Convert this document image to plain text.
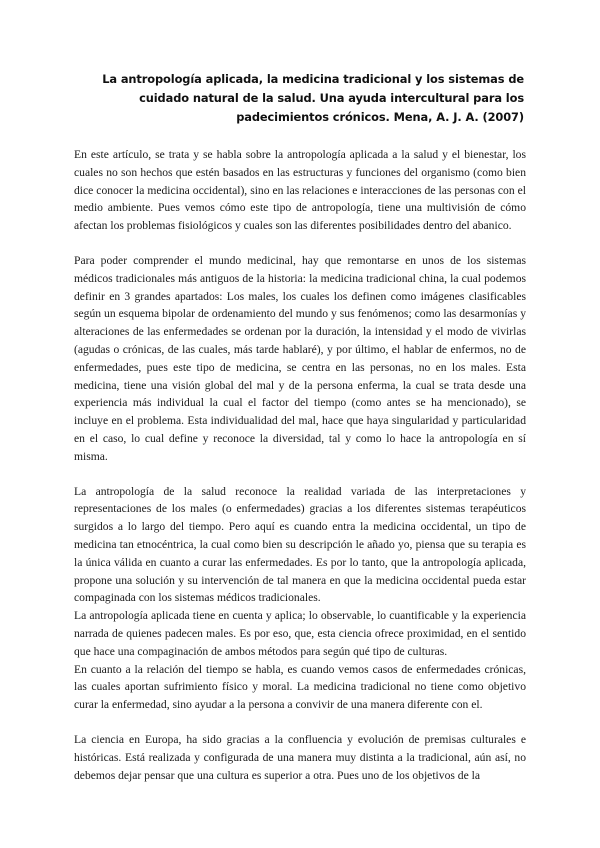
La antropología aplicada, la medicina tradicional y los sistemas de cuidado natural de la salud. Una ayuda intercultural para los padecimientos crónicos. Mena, A. J. A. (2007)

En este artículo, se trata y se habla sobre la antropología aplicada a la salud y el bienestar, los cuales no son hechos que estén basados en las estructuras y funciones del organismo (como bien dice conocer la medicina occidental), sino en las relaciones e interacciones de las personas con el medio ambiente. Pues vemos cómo este tipo de antropología, tiene una multivisión de cómo afectan los problemas fisiológicos y cuales son las diferentes posibilidades dentro del abanico.

Para poder comprender el mundo medicinal, hay que remontarse en unos de los sistemas médicos tradicionales más antiguos de la historia: la medicina tradicional china, la cual podemos definir en 3 grandes apartados: Los males, los cuales los definen como imágenes clasificables según un esquema bipolar de ordenamiento del mundo y sus fenómenos; como las desarmonías y alteraciones de las enfermedades se ordenan por la duración, la intensidad y el modo de vivirlas (agudas o crónicas, de las cuales, más tarde hablaré), y por último, el hablar de enfermos, no de enfermedades, pues este tipo de medicina, se centra en las personas, no en los males. Esta medicina, tiene una visión global del mal y de la persona enferma, la cual se trata desde una experiencia más individual la cual el factor del tiempo (como antes se ha mencionado), se incluye en el problema. Esta individualidad del mal, hace que haya singularidad y particularidad en el caso, lo cual define y reconoce la diversidad, tal y como lo hace la antropología en sí misma.

La antropología de la salud reconoce la realidad variada de las interpretaciones y representaciones de los males (o enfermedades) gracias a los diferentes sistemas terapéuticos surgidos a lo largo del tiempo. Pero aquí es cuando entra la medicina occidental, un tipo de medicina tan etnocéntrica, la cual como bien su descripción le añado yo, piensa que su terapia es la única válida en cuanto a curar las enfermedades. Es por lo tanto, que la antropología aplicada, propone una solución y su intervención de tal manera en que la medicina occidental pueda estar compaginada con los sistemas médicos tradicionales.

La antropología aplicada tiene en cuenta y aplica; lo observable, lo cuantificable y la experiencia narrada de quienes padecen males. Es por eso, que, esta ciencia ofrece proximidad, en el sentido que hace una compaginación de ambos métodos para según qué tipo de culturas.

En cuanto a la relación del tiempo se habla, es cuando vemos casos de enfermedades crónicas, las cuales aportan sufrimiento físico y moral. La medicina tradicional no tiene como objetivo curar la enfermedad, sino ayudar a la persona a convivir de una manera diferente con el.

La ciencia en Europa, ha sido gracias a la confluencia y evolución de premisas culturales e históricas. Está realizada y configurada de una manera muy distinta a la tradicional, aún así, no debemos dejar pensar que una cultura es superior a otra. Pues uno de los objetivos de la
